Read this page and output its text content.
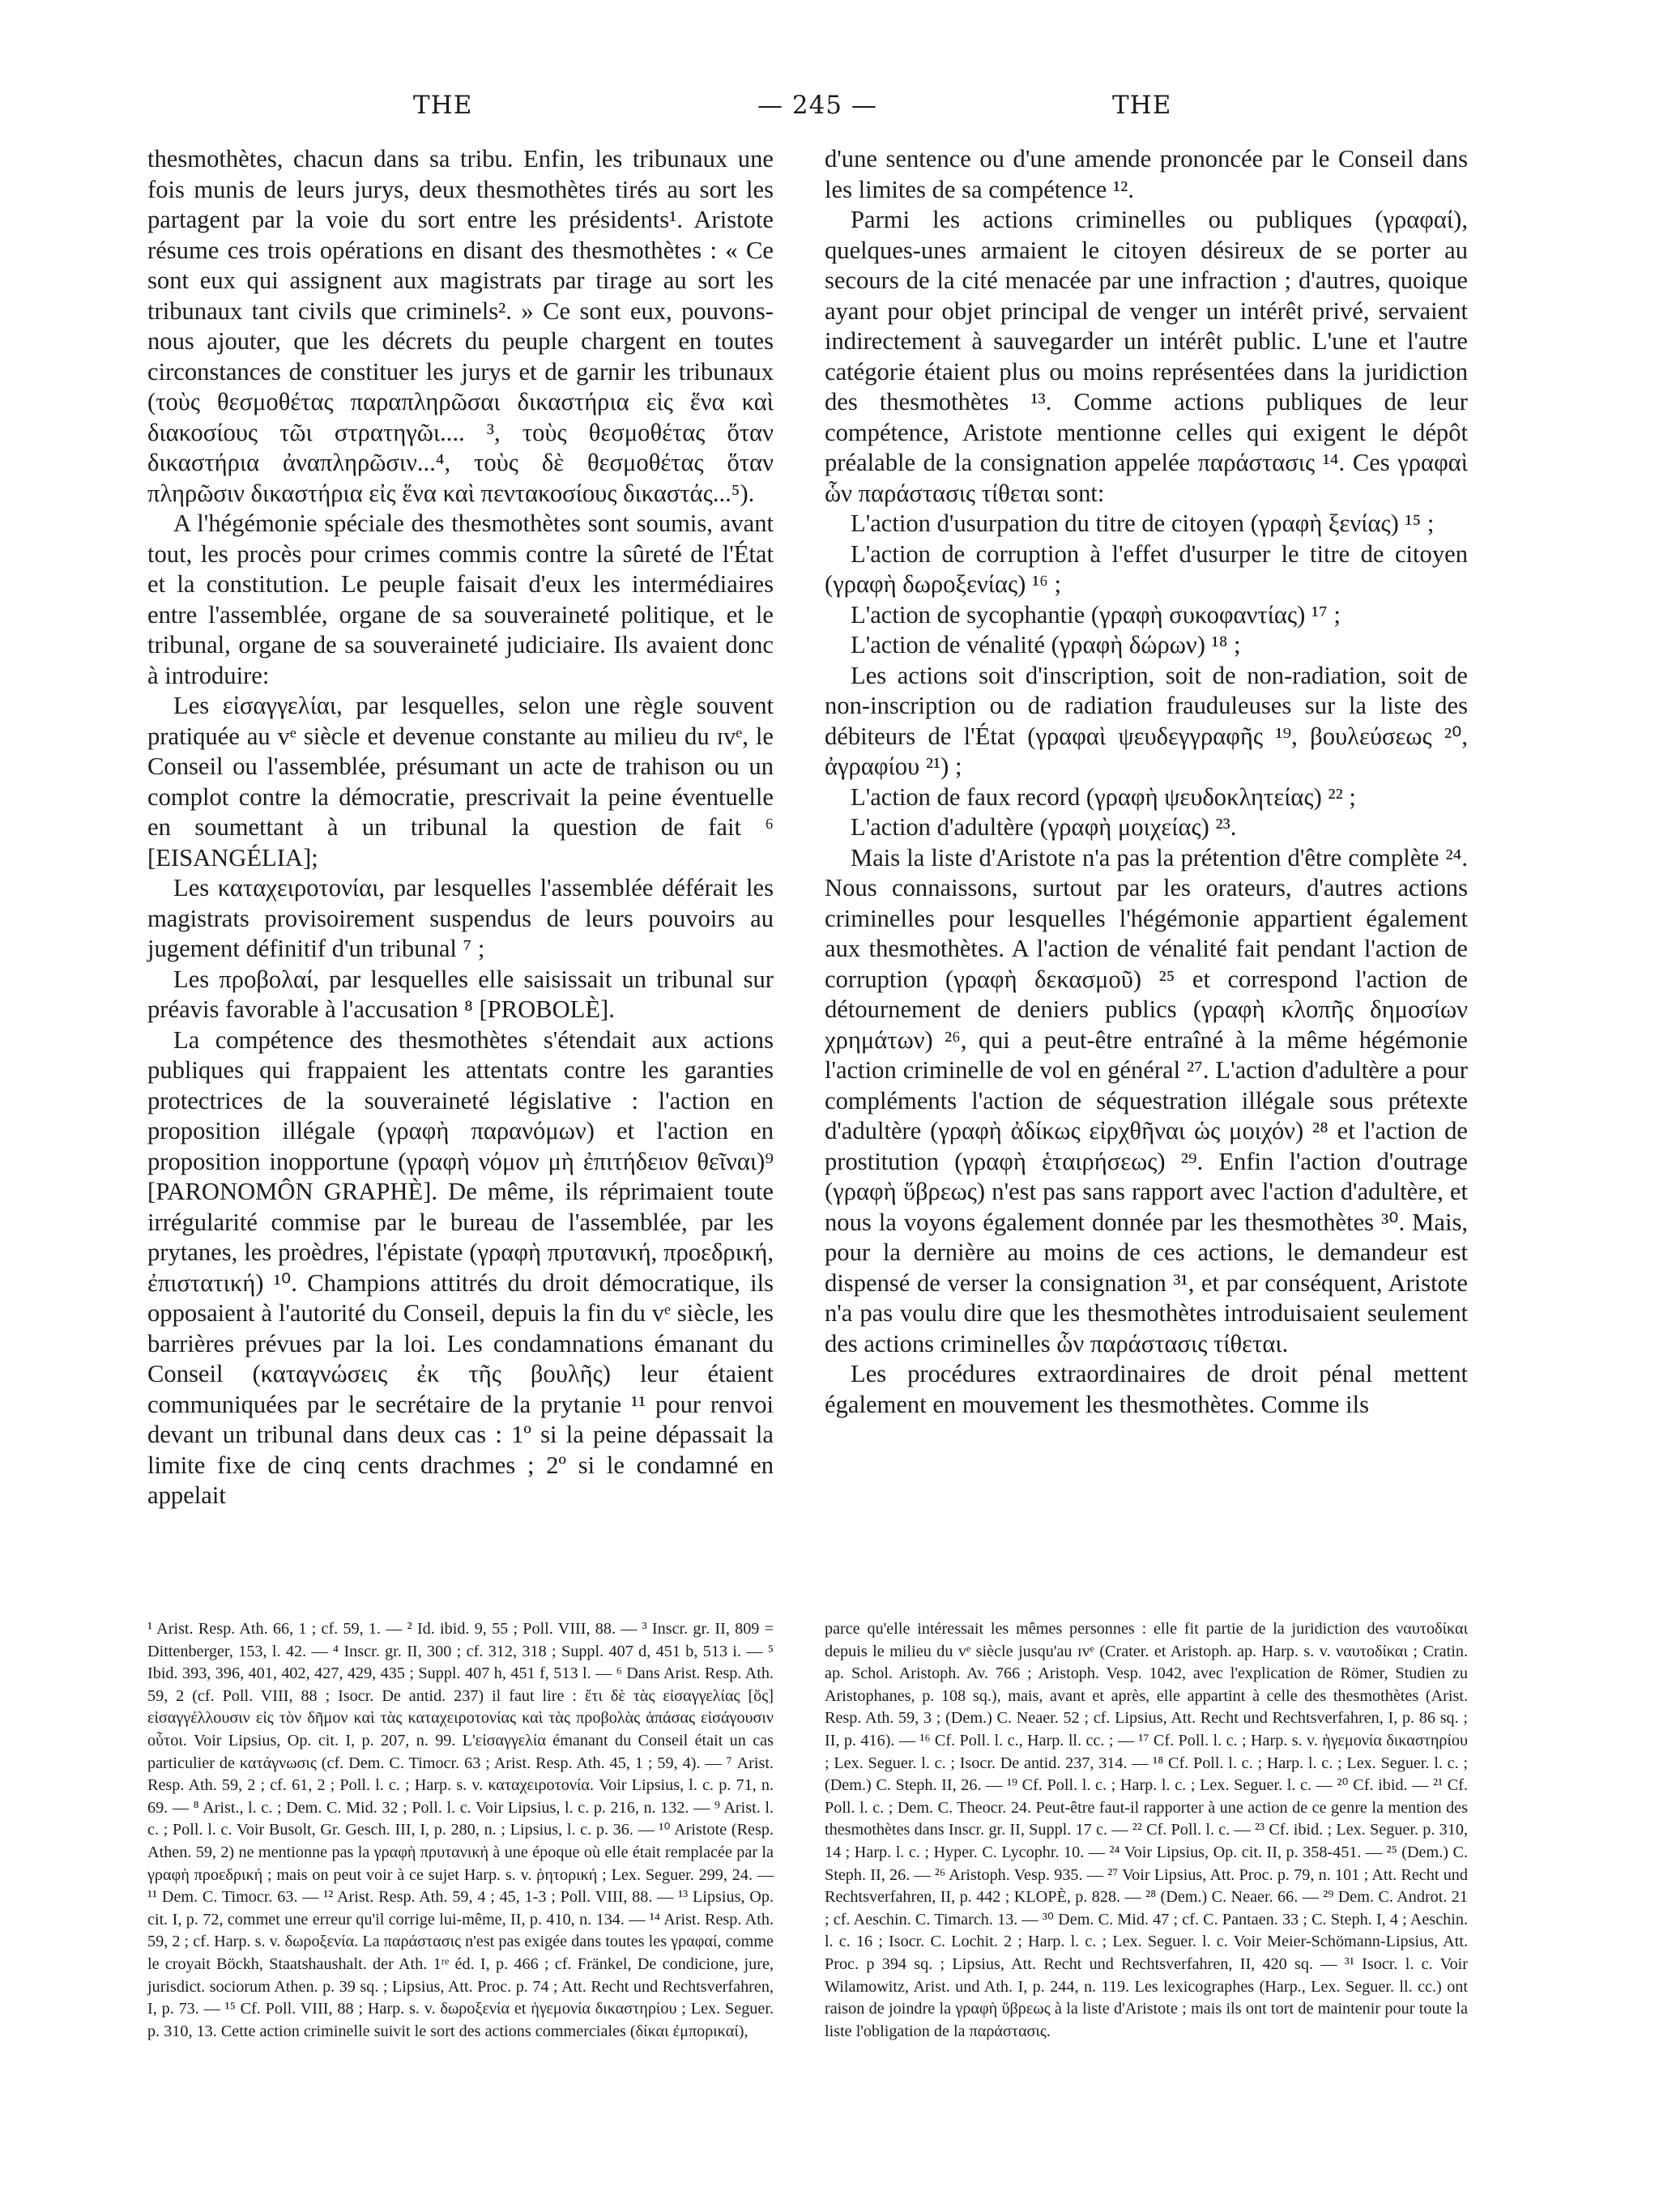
THE	— 245 —	THE

thesmothètes, chacun dans sa tribu. Enfin, les tribunaux une fois munis de leurs jurys, deux thesmothètes tirés au sort les partagent par la voie du sort entre les présidents¹. Aristote résume ces trois opérations en disant des thesmothètes : « Ce sont eux qui assignent aux magistrats par tirage au sort les tribunaux tant civils que criminels². » Ce sont eux, pouvons-nous ajouter, que les décrets du peuple chargent en toutes circonstances de constituer les jurys et de garnir les tribunaux (τοὺς θεσμοθέτας παραπληρῶσαι δικαστήρια εἰς ἕνα καὶ διακοσίους τῶι στρατηγῶι.... ³, τοὺς θεσμοθέτας ὅταν δικαστήρια ἀναπληρῶσιν...⁴, τοὺς δὲ θεσμοθέτας ὅταν πληρῶσιν δικαστήρια εἰς ἕνα καὶ πεντακοσίους δικαστάς...⁵).

A l'hégémonie spéciale des thesmothètes sont soumis, avant tout, les procès pour crimes commis contre la sûreté de l'État et la constitution. Le peuple faisait d'eux les intermédiaires entre l'assemblée, organe de sa souveraineté politique, et le tribunal, organe de sa souveraineté judiciaire. Ils avaient donc à introduire:

Les εἰσαγγελίαι, par lesquelles, selon une règle souvent pratiquée au vᵉ siècle et devenue constante au milieu du ɪᴠᵉ, le Conseil ou l'assemblée, présumant un acte de trahison ou un complot contre la démocratie, prescrivait la peine éventuelle en soumettant à un tribunal la question de fait ⁶ [EISANGÉLIA];

Les καταχειροτονίαι, par lesquelles l'assemblée déférait les magistrats provisoirement suspendus de leurs pouvoirs au jugement définitif d'un tribunal ⁷ ;

Les προβολαί, par lesquelles elle saisissait un tribunal sur préavis favorable à l'accusation ⁸ [PROBOLÈ].

La compétence des thesmothètes s'étendait aux actions publiques qui frappaient les attentats contre les garanties protectrices de la souveraineté législative : l'action en proposition illégale (γραφὴ παρανόμων) et l'action en proposition inopportune (γραφὴ νόμον μὴ ἐπιτήδειον θεῖναι)⁹ [PARONOMÔN GRAPHÈ]. De même, ils réprimaient toute irrégularité commise par le bureau de l'assemblée, par les prytanes, les proèdres, l'épistate (γραφὴ πρυτανική, προεδρική, ἐπιστατική) ¹⁰. Champions attitrés du droit démocratique, ils opposaient à l'autorité du Conseil, depuis la fin du vᵉ siècle, les barrières prévues par la loi. Les condamnations émanant du Conseil (καταγνώσεις ἐκ τῆς βουλῆς) leur étaient communiquées par le secrétaire de la prytanie ¹¹ pour renvoi devant un tribunal dans deux cas : 1º si la peine dépassait la limite fixe de cinq cents drachmes ; 2º si le condamné en appelait

d'une sentence ou d'une amende prononcée par le Conseil dans les limites de sa compétence ¹².

Parmi les actions criminelles ou publiques (γραφαί), quelques-unes armaient le citoyen désireux de se porter au secours de la cité menacée par une infraction ; d'autres, quoique ayant pour objet principal de venger un intérêt privé, servaient indirectement à sauvegarder un intérêt public. L'une et l'autre catégorie étaient plus ou moins représentées dans la juridiction des thesmothètes ¹³. Comme actions publiques de leur compétence, Aristote mentionne celles qui exigent le dépôt préalable de la consignation appelée παράστασις ¹⁴. Ces γραφαὶ ὧν παράστασις τίθεται sont:

L'action d'usurpation du titre de citoyen (γραφὴ ξενίας) ¹⁵ ;

L'action de corruption à l'effet d'usurper le titre de citoyen (γραφὴ δωροξενίας) ¹⁶ ;

L'action de sycophantie (γραφὴ συκοφαντίας) ¹⁷ ;

L'action de vénalité (γραφὴ δώρων) ¹⁸ ;

Les actions soit d'inscription, soit de non-radiation, soit de non-inscription ou de radiation frauduleuses sur la liste des débiteurs de l'État (γραφαὶ ψευδεγγραφῆς ¹⁹, βουλεύσεως ²⁰, ἀγραφίου ²¹) ;

L'action de faux record (γραφὴ ψευδοκλητείας) ²² ;

L'action d'adultère (γραφὴ μοιχείας) ²³.

Mais la liste d'Aristote n'a pas la prétention d'être complète ²⁴. Nous connaissons, surtout par les orateurs, d'autres actions criminelles pour lesquelles l'hégémonie appartient également aux thesmothètes. A l'action de vénalité fait pendant l'action de corruption (γραφὴ δεκασμοῦ) ²⁵ et correspond l'action de détournement de deniers publics (γραφὴ κλοπῆς δημοσίων χρημάτων) ²⁶, qui a peut-être entraîné à la même hégémonie l'action criminelle de vol en général ²⁷. L'action d'adultère a pour compléments l'action de séquestration illégale sous prétexte d'adultère (γραφὴ ἀδίκως εἰρχθῆναι ὡς μοιχόν) ²⁸ et l'action de prostitution (γραφὴ ἑταιρήσεως) ²⁹. Enfin l'action d'outrage (γραφὴ ὕβρεως) n'est pas sans rapport avec l'action d'adultère, et nous la voyons également donnée par les thesmothètes ³⁰. Mais, pour la dernière au moins de ces actions, le demandeur est dispensé de verser la consignation ³¹, et par conséquent, Aristote n'a pas voulu dire que les thesmothètes introduisaient seulement des actions criminelles ὧν παράστασις τίθεται.

Les procédures extraordinaires de droit pénal mettent également en mouvement les thesmothètes. Comme ils

¹ Arist. Resp. Ath. 66, 1 ; cf. 59, 1. — ² Id. ibid. 9, 55 ; Poll. VIII, 88. — ³ Inscr. gr. II, 809 = Dittenberger, 153, l. 42. — ⁴ Inscr. gr. II, 300 ; cf. 312, 318 ; Suppl. 407 d, 451 b, 513 i. — ⁵ Ibid. 393, 396, 401, 402, 427, 429, 435 ; Suppl. 407 h, 451 f, 513 l. — ⁶ Dans Arist. Resp. Ath. 59, 2 (cf. Poll. VIII, 88 ; Isocr. De antid. 237) il faut lire : ἔτι δὲ τὰς εἰσαγγελίας [ὅς] εἰσαγγέλλουσιν εἰς τὸν δῆμον καὶ τὰς καταχειροτονίας καὶ τὰς προβολὰς ἁπάσας εἰσάγουσιν οὗτοι. Voir Lipsius, Op. cit. I, p. 207, n. 99. L'εἰσαγγελία émanant du Conseil était un cas particulier de κατάγνωσις (cf. Dem. C. Timocr. 63 ; Arist. Resp. Ath. 45, 1 ; 59, 4). — ⁷ Arist. Resp. Ath. 59, 2 ; cf. 61, 2 ; Poll. l. c. ; Harp. s. v. καταχειροτονία. Voir Lipsius, l. c. p. 71, n. 69. — ⁸ Arist., l. c. ; Dem. C. Mid. 32 ; Poll. l. c. Voir Lipsius, l. c. p. 216, n. 132. — ⁹ Arist. l. c. ; Poll. l. c. Voir Busolt, Gr. Gesch. III, I, p. 280, n. ; Lipsius, l. c. p. 36. — ¹⁰ Aristote (Resp. Athen. 59, 2) ne mentionne pas la γραφὴ πρυτανική à une époque où elle était remplacée par la γραφὴ προεδρική ; mais on peut voir à ce sujet Harp. s. v. ῥητορική ; Lex. Seguer. 299, 24. — ¹¹ Dem. C. Timocr. 63. — ¹² Arist. Resp. Ath. 59, 4 ; 45, 1-3 ; Poll. VIII, 88. — ¹³ Lipsius, Op. cit. I, p. 72, commet une erreur qu'il corrige lui-même, II, p. 410, n. 134. — ¹⁴ Arist. Resp. Ath. 59, 2 ; cf. Harp. s. v. δωροξενία. La παράστασις n'est pas exigée dans toutes les γραφαί, comme le croyait Böckh, Staatshaushalt. der Ath. 1ʳᵉ éd. I, p. 466 ; cf. Fränkel, De condicione, jure, jurisdict. sociorum Athen. p. 39 sq. ; Lipsius, Att. Proc. p. 74 ; Att. Recht und Rechtsverfahren, I, p. 73. — ¹⁵ Cf. Poll. VIII, 88 ; Harp. s. v. δωροξενία et ἡγεμονία δικαστηρίου ; Lex. Seguer. p. 310, 13. Cette action criminelle suivit le sort des actions commerciales (δίκαι ἐμπορικαί),

parce qu'elle intéressait les mêmes personnes : elle fit partie de la juridiction des ναυτοδίκαι depuis le milieu du vᵉ siècle jusqu'au ɪᴠᵉ (Crater. et Aristoph. ap. Harp. s. v. ναυτοδίκαι ; Cratin. ap. Schol. Aristoph. Av. 766 ; Aristoph. Vesp. 1042, avec l'explication de Römer, Studien zu Aristophanes, p. 108 sq.), mais, avant et après, elle appartint à celle des thesmothètes (Arist. Resp. Ath. 59, 3 ; (Dem.) C. Neaer. 52 ; cf. Lipsius, Att. Recht und Rechtsverfahren, I, p. 86 sq. ; II, p. 416). — ¹⁶ Cf. Poll. l. c., Harp. ll. cc. ; — ¹⁷ Cf. Poll. l. c. ; Harp. s. v. ἡγεμονία δικαστηρίου ; Lex. Seguer. l. c. ; Isocr. De antid. 237, 314. — ¹⁸ Cf. Poll. l. c. ; Harp. l. c. ; Lex. Seguer. l. c. ; (Dem.) C. Steph. II, 26. — ¹⁹ Cf. Poll. l. c. ; Harp. l. c. ; Lex. Seguer. l. c. — ²⁰ Cf. ibid. — ²¹ Cf. Poll. l. c. ; Dem. C. Theocr. 24. Peut-être faut-il rapporter à une action de ce genre la mention des thesmothètes dans Inscr. gr. II, Suppl. 17 c. — ²² Cf. Poll. l. c. — ²³ Cf. ibid. ; Lex. Seguer. p. 310, 14 ; Harp. l. c. ; Hyper. C. Lycophr. 10. — ²⁴ Voir Lipsius, Op. cit. II, p. 358-451. — ²⁵ (Dem.) C. Steph. II, 26. — ²⁶ Aristoph. Vesp. 935. — ²⁷ Voir Lipsius, Att. Proc. p. 79, n. 101 ; Att. Recht und Rechtsverfahren, II, p. 442 ; KLOPÈ, p. 828. — ²⁸ (Dem.) C. Neaer. 66. — ²⁹ Dem. C. Androt. 21 ; cf. Aeschin. C. Timarch. 13. — ³⁰ Dem. C. Mid. 47 ; cf. C. Pantaen. 33 ; C. Steph. I, 4 ; Aeschin. l. c. 16 ; Isocr. C. Lochit. 2 ; Harp. l. c. ; Lex. Seguer. l. c. Voir Meier-Schömann-Lipsius, Att. Proc. p 394 sq. ; Lipsius, Att. Recht und Rechtsverfahren, II, 420 sq. — ³¹ Isocr. l. c. Voir Wilamowitz, Arist. und Ath. I, p. 244, n. 119. Les lexicographes (Harp., Lex. Seguer. ll. cc.) ont raison de joindre la γραφὴ ὕβρεως à la liste d'Aristote ; mais ils ont tort de maintenir pour toute la liste l'obligation de la παράστασις.
